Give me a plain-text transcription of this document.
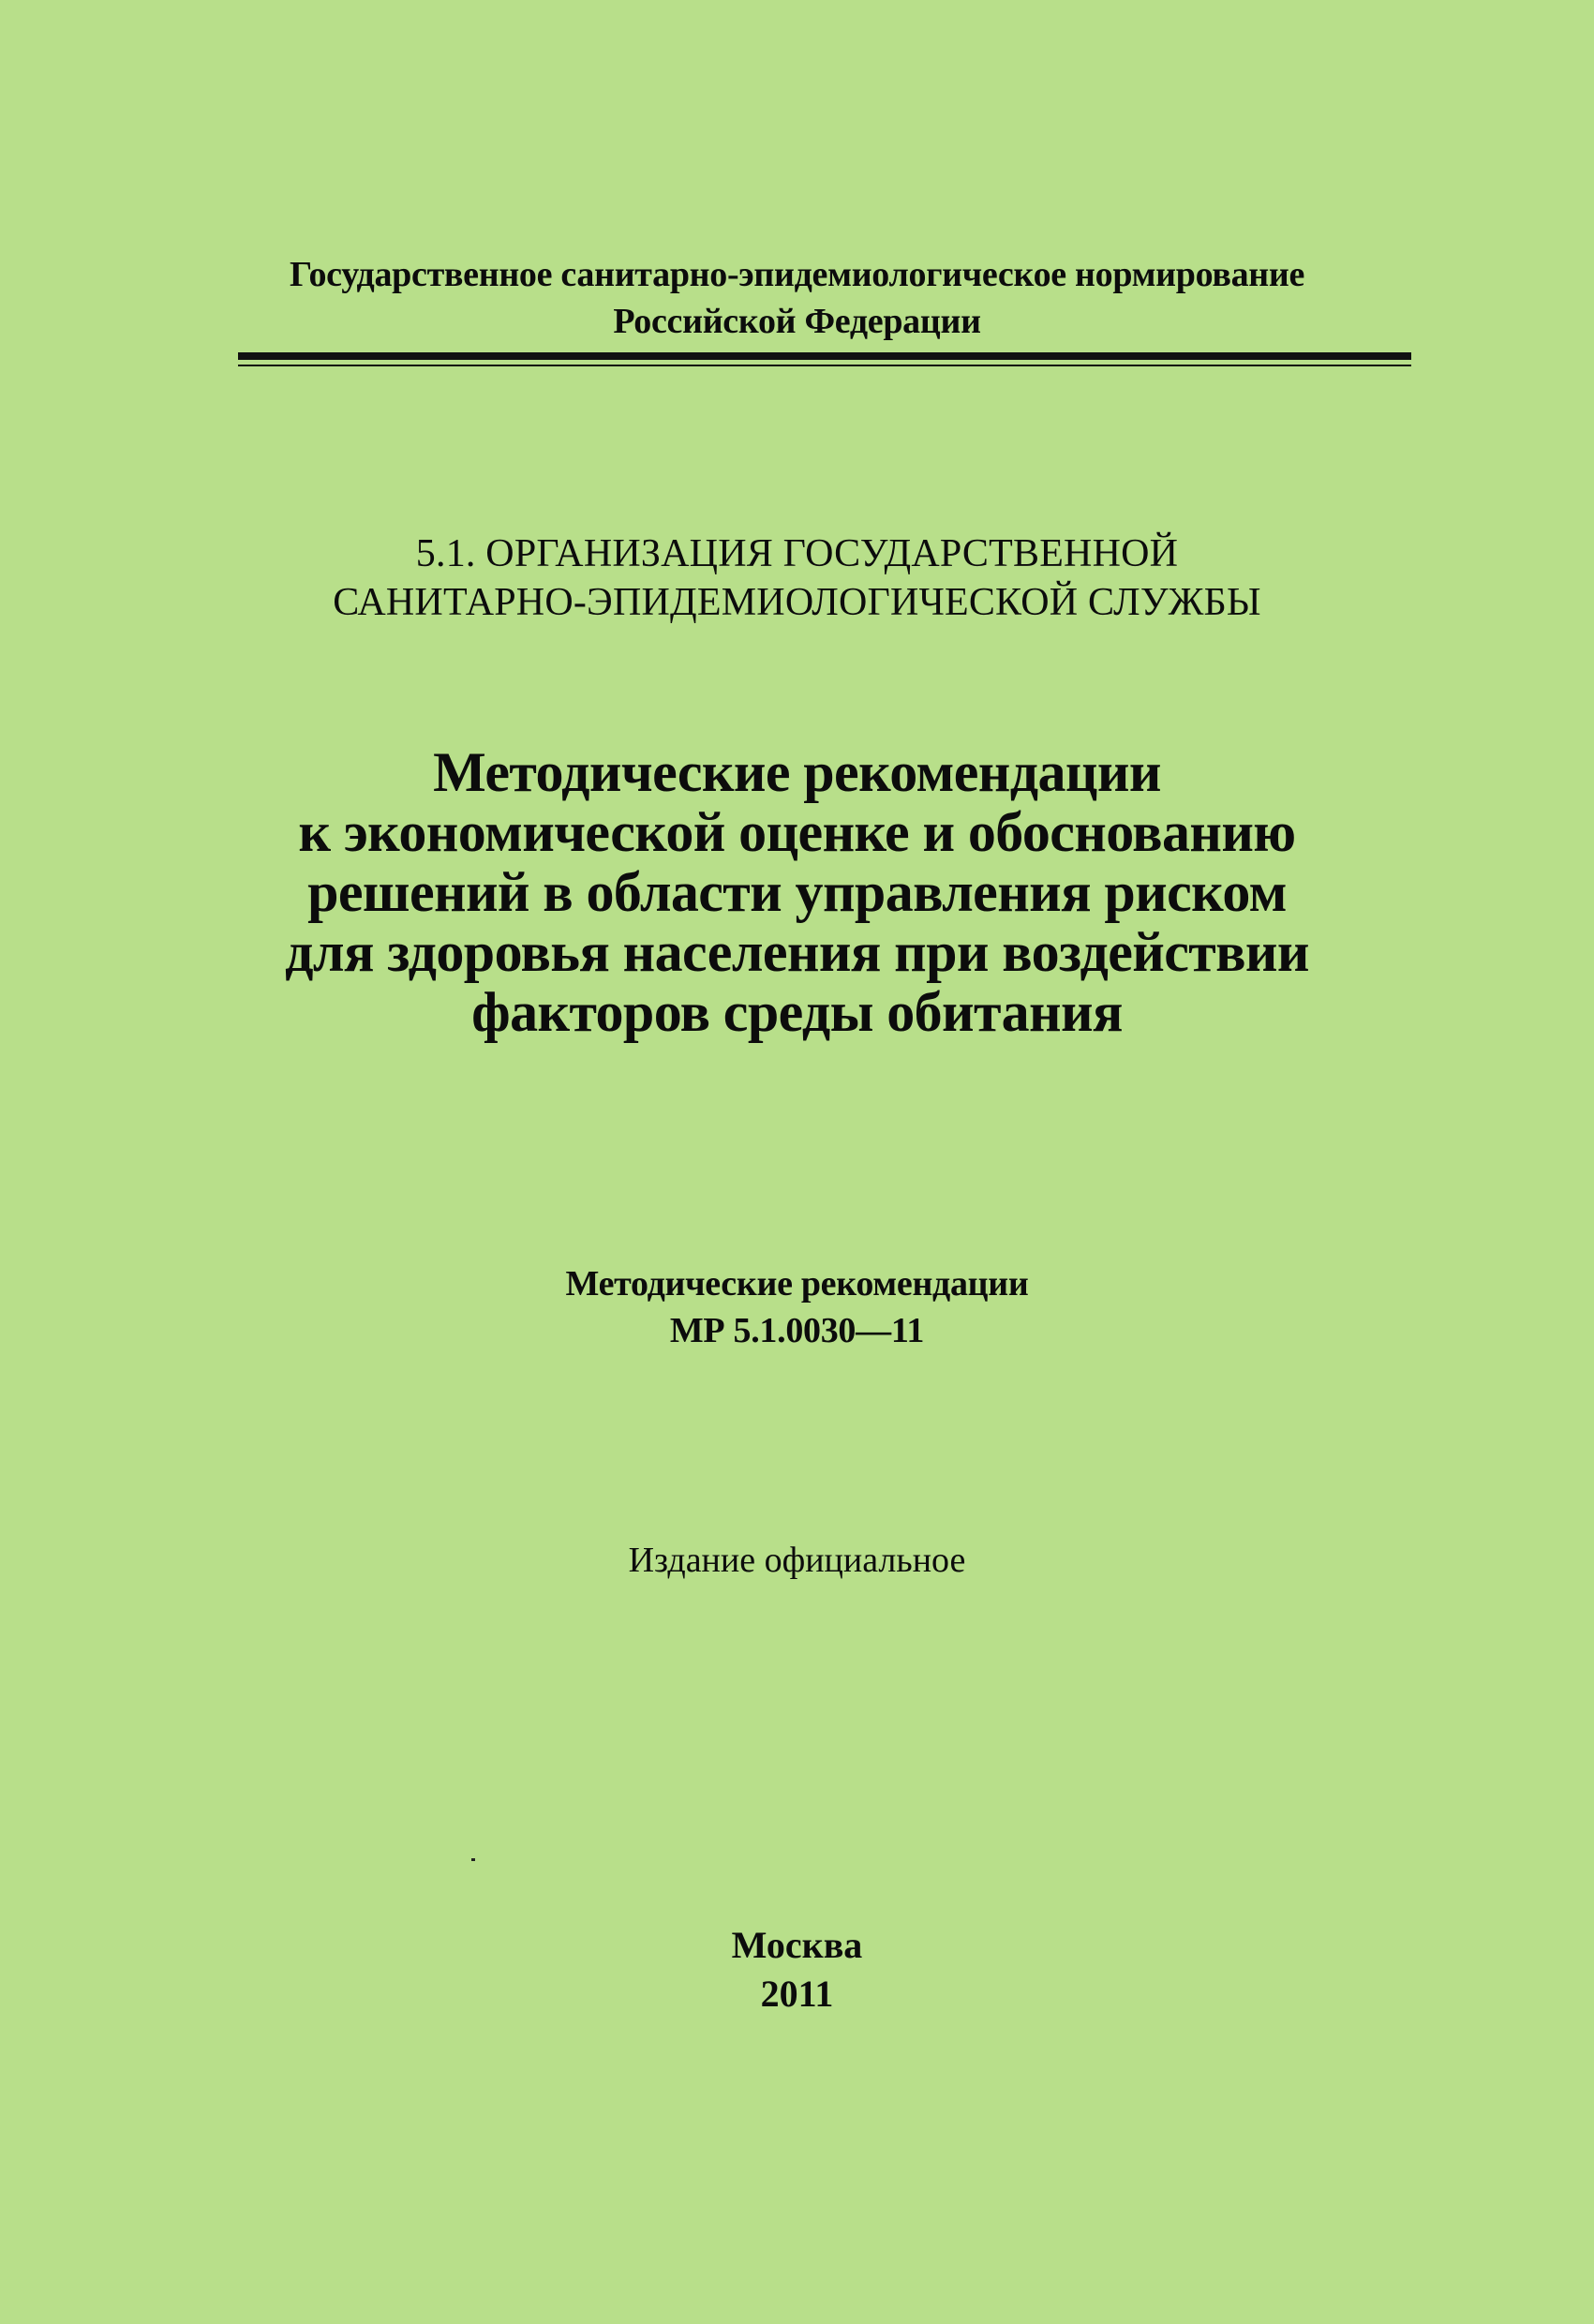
Государственное санитарно-эпидемиологическое нормирование
Российской Федерации
5.1. ОРГАНИЗАЦИЯ ГОСУДАРСТВЕННОЙ
САНИТАРНО-ЭПИДЕМИОЛОГИЧЕСКОЙ СЛУЖБЫ
Методические рекомендации
к экономической оценке и обоснованию
решений в области управления риском
для здоровья населения при воздействии
факторов среды обитания
Методические рекомендации
МР 5.1.0030—11
Издание официальное
Москва
2011
